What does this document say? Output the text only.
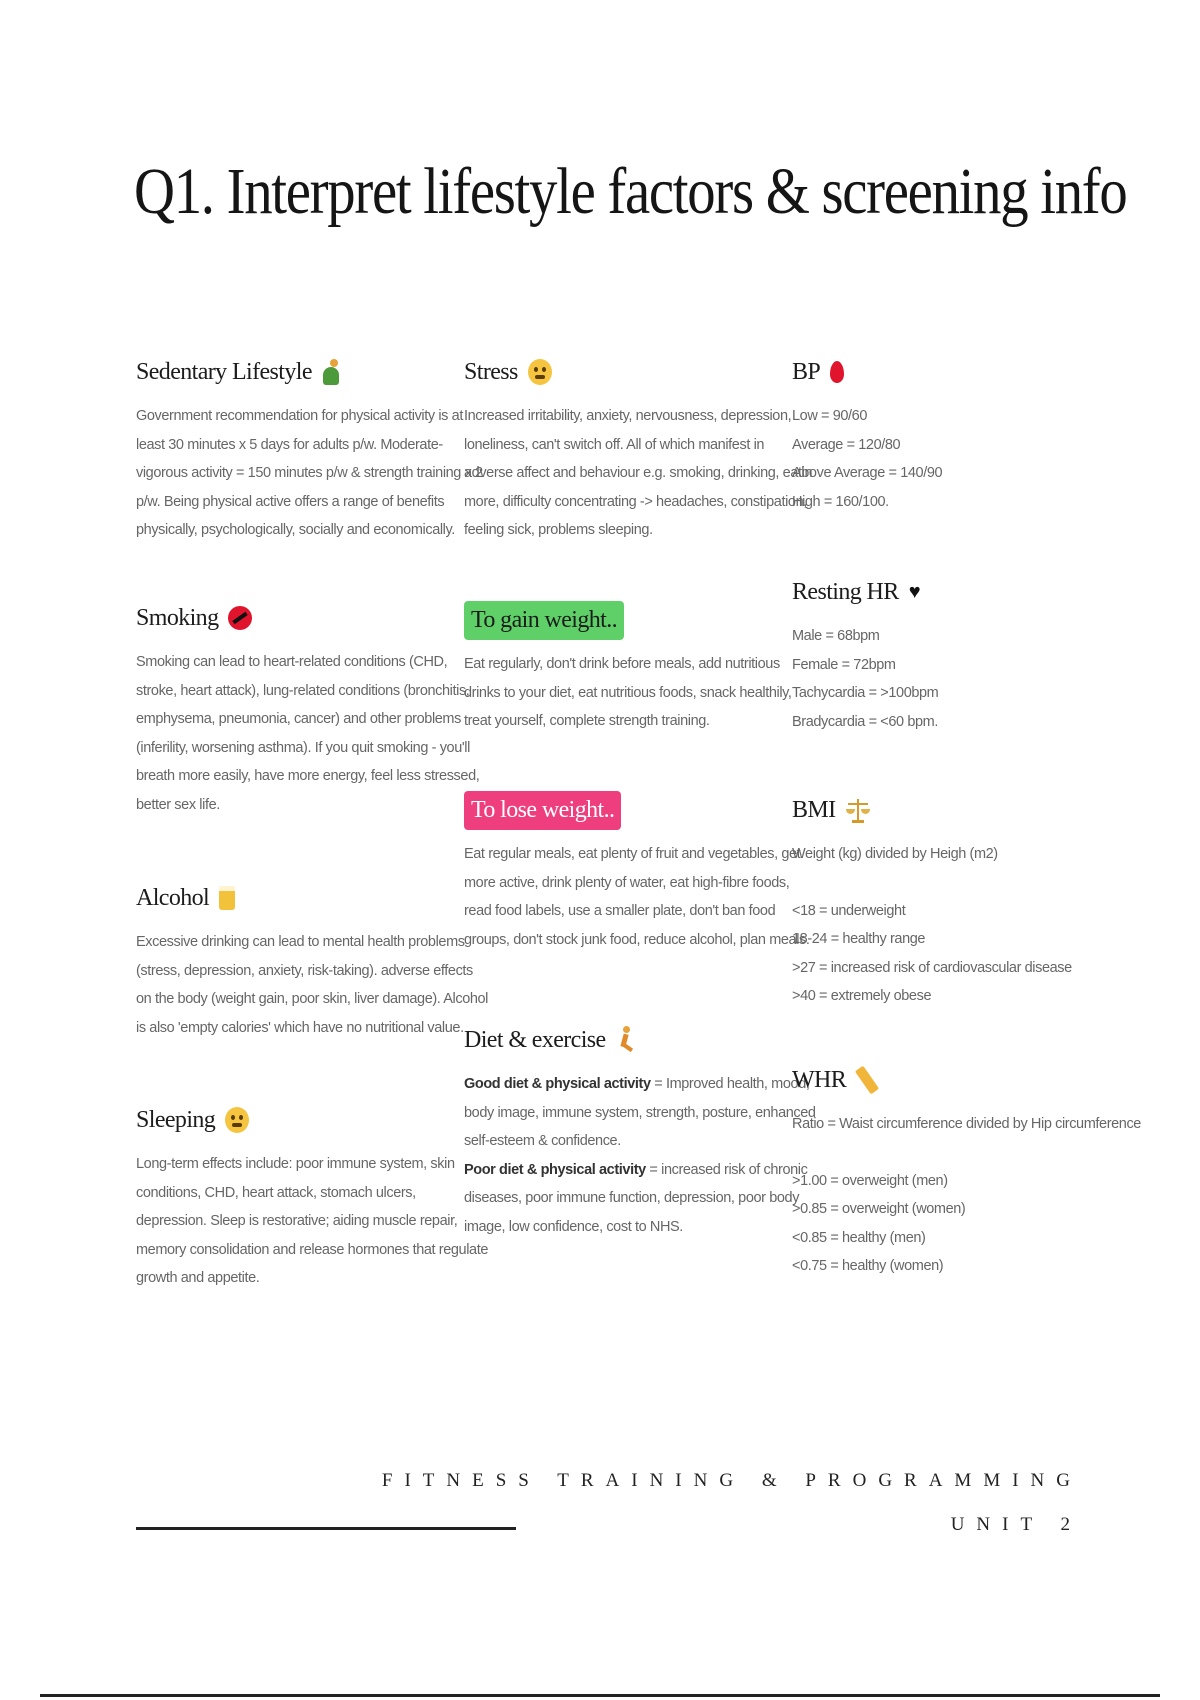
Q1. Interpret lifestyle factors & screening info
Sedentary Lifestyle

Government recommendation for physical activity is at
least 30 minutes x 5 days for adults p/w. Moderate-
vigorous activity = 150 minutes p/w & strength training x 2
p/w. Being physical active offers a range of benefits
physically, psychologically, socially and economically.

Smoking

Smoking can lead to heart-related conditions (CHD,
stroke, heart attack), lung-related conditions (bronchitis,
emphysema, pneumonia, cancer) and other problems
(inferility, worsening asthma). If you quit smoking - you'll
breath more easily, have more energy, feel less stressed,
better sex life.

Alcohol

Excessive drinking can lead to mental health problems
(stress, depression, anxiety, risk-taking). adverse effects
on the body (weight gain, poor skin, liver damage). Alcohol
is also 'empty calories' which have no nutritional value.

Sleeping

Long-term effects include: poor immune system, skin
conditions, CHD, heart attack, stomach ulcers,
depression. Sleep is restorative; aiding muscle repair,
memory consolidation and release hormones that regulate
growth and appetite.

Stress

Increased irritability, anxiety, nervousness, depression,
loneliness, can't switch off. All of which manifest in
adverse affect and behaviour e.g. smoking, drinking, eatin
more, difficulty concentrating -> headaches, constipation,
feeling sick, problems sleeping.

To gain weight..

Eat regularly, don't drink before meals, add nutritious
drinks to your diet, eat nutritious foods, snack healthily,
treat yourself, complete strength training.

To lose weight..

Eat regular meals, eat plenty of fruit and vegetables, get
more active, drink plenty of water, eat high-fibre foods,
read food labels, use a smaller plate, don't ban food
groups, don't stock junk food, reduce alcohol, plan meals.

Diet & exercise

Good diet & physical activity = Improved health, mood,
body image, immune system, strength, posture, enhanced
self-esteem & confidence.
Poor diet & physical activity = increased risk of chronic
diseases, poor immune function, depression, poor body
image, low confidence, cost to NHS.

BP

Low = 90/60
Average = 120/80
Above Average = 140/90
High = 160/100.

Resting HR ♥

Male = 68bpm
Female = 72bpm
Tachycardia = >100bpm
Bradycardia = <60 bpm.

BMI

Weight (kg) divided by Heigh (m2)
<18 = underweight
18-24 = healthy range
>27 = increased risk of cardiovascular disease
>40 = extremely obese

WHR

Ratio = Waist circumference divided by Hip circumference
>1.00 = overweight (men)
>0.85 = overweight (women)
<0.85 = healthy (men)
<0.75 = healthy (women)

FITNESS TRAINING & PROGRAMMING

UNIT 2
